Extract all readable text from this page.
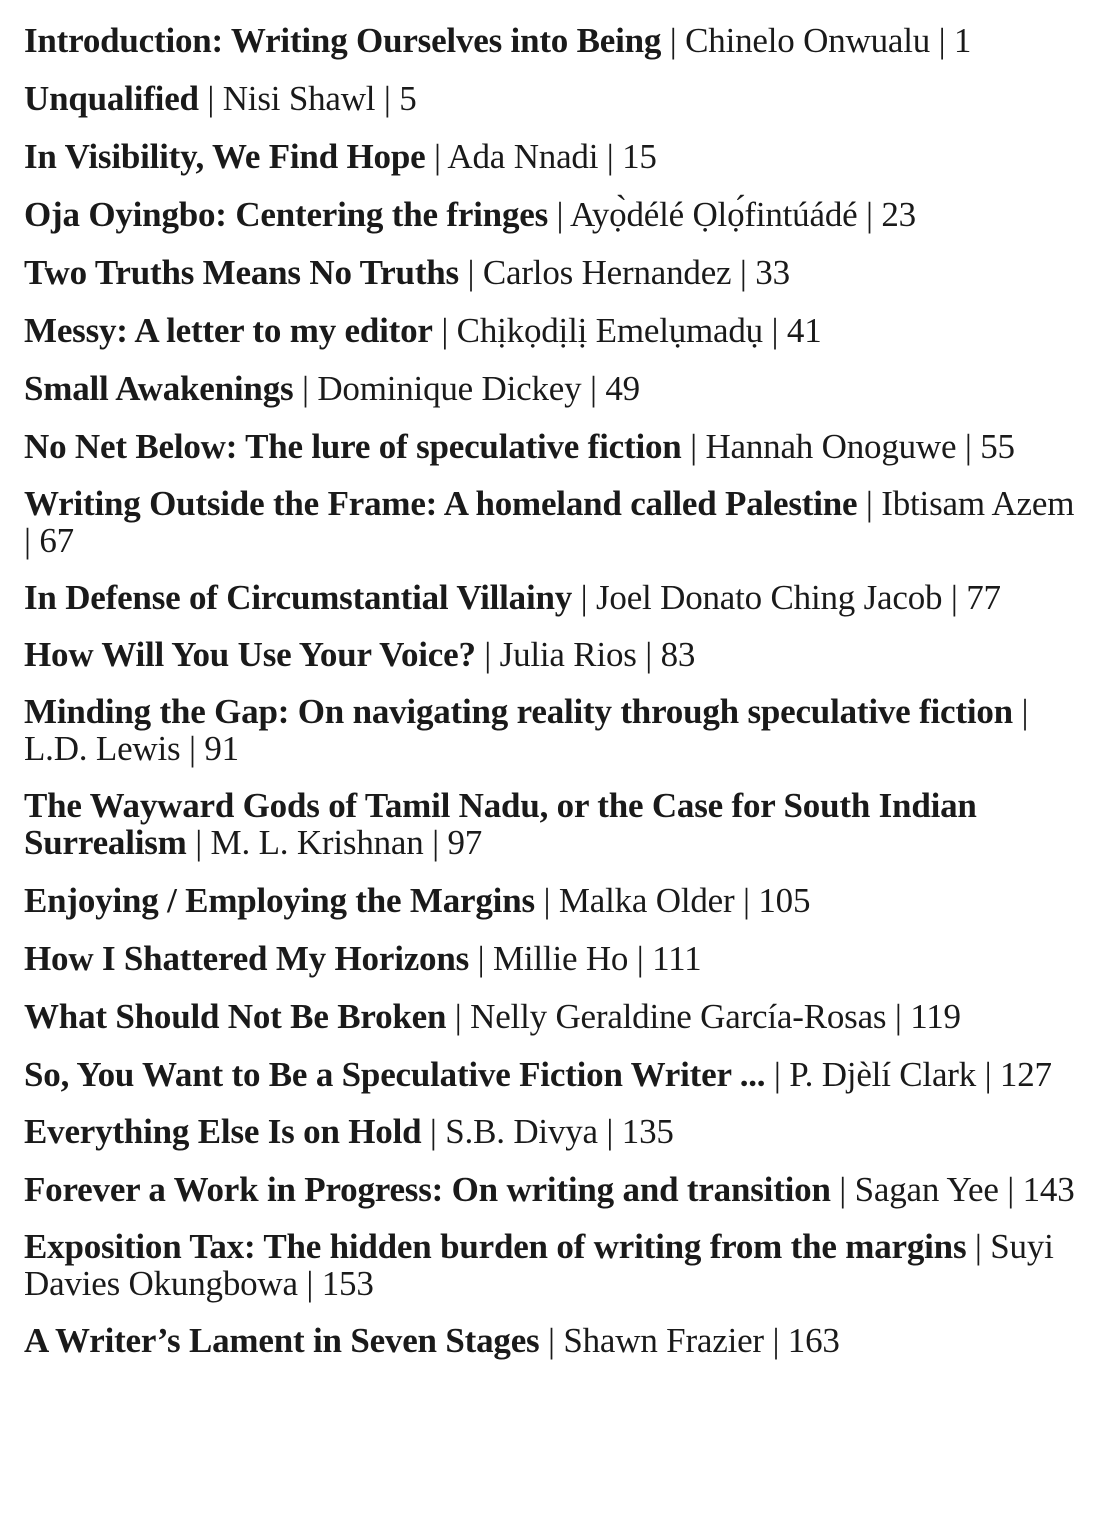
Introduction: Writing Ourselves into Being | Chinelo Onwualu | 1
Unqualified | Nisi Shawl | 5
In Visibility, We Find Hope | Ada Nnadi | 15
Oja Oyingbo: Centering the fringes | Ayọ̀délé Ọlọ́fintúádé | 23
Two Truths Means No Truths | Carlos Hernandez | 33
Messy: A letter to my editor | Chịkọdịlị Emelụmadụ | 41
Small Awakenings | Dominique Dickey | 49
No Net Below: The lure of speculative fiction | Hannah Onoguwe | 55
Writing Outside the Frame: A homeland called Palestine | Ibtisam Azem | 67
In Defense of Circumstantial Villainy | Joel Donato Ching Jacob | 77
How Will You Use Your Voice? | Julia Rios | 83
Minding the Gap: On navigating reality through speculative fiction | L.D. Lewis | 91
The Wayward Gods of Tamil Nadu, or the Case for South Indian Surrealism | M. L. Krishnan | 97
Enjoying / Employing the Margins | Malka Older | 105
How I Shattered My Horizons | Millie Ho | 111
What Should Not Be Broken | Nelly Geraldine García-Rosas | 119
So, You Want to Be a Speculative Fiction Writer ... | P. Djèlí Clark | 127
Everything Else Is on Hold | S.B. Divya | 135
Forever a Work in Progress: On writing and transition | Sagan Yee | 143
Exposition Tax: The hidden burden of writing from the margins | Suyi Davies Okungbowa | 153
A Writer’s Lament in Seven Stages | Shawn Frazier | 163
